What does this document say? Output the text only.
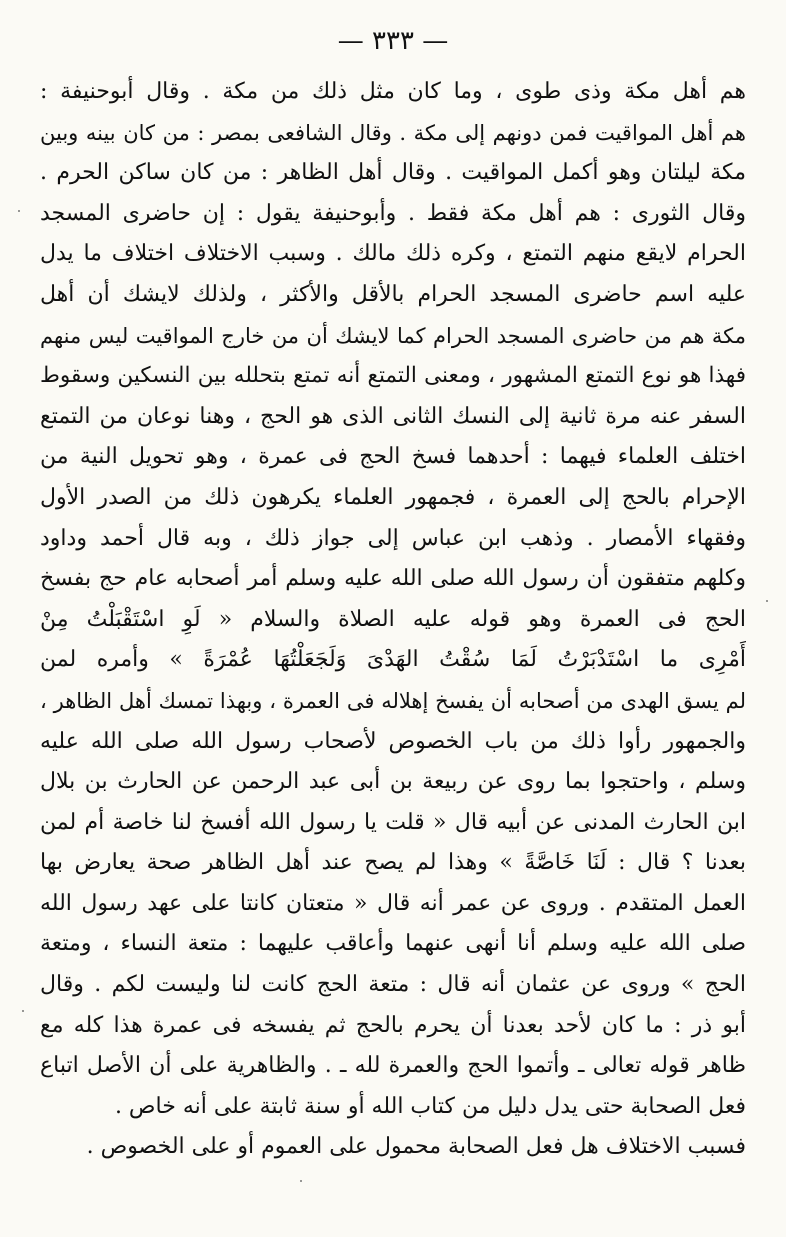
— ٣٣٣ —
هم أهل مكة وذى طوى ، وما كان مثل ذلك من مكة . وقال أبوحنيفة :
هم أهل المواقيت فمن دونهم إلى مكة . وقال الشافعى بمصر : من كان بينه وبين
مكة ليلتان وهو أكمل المواقيت . وقال أهل الظاهر : من كان ساكن الحرم .
وقال الثورى : هم أهل مكة فقط . وأبوحنيفة يقول : إن حاضرى المسجد
الحرام لايقع منهم التمتع ، وكره ذلك مالك . وسبب الاختلاف اختلاف ما يدل
عليه اسم حاضرى المسجد الحرام بالأقل والأكثر ، ولذلك لايشك أن أهل
مكة هم من حاضرى المسجد الحرام كما لايشك أن من خارج المواقيت ليس منهم
فهذا هو نوع التمتع المشهور ، ومعنى التمتع أنه تمتع بتحلله بين النسكين وسقوط
السفر عنه مرة ثانية إلى النسك الثانى الذى هو الحج ، وهنا نوعان من التمتع
اختلف العلماء فيهما : أحدهما فسخ الحج فى عمرة ، وهو تحويل النية من
الإحرام بالحج إلى العمرة ، فجمهور العلماء يكرهون ذلك من الصدر الأول
وفقهاء الأمصار . وذهب ابن عباس إلى جواز ذلك ، وبه قال أحمد وداود
وكلهم متفقون أن رسول الله صلى الله عليه وسلم أمر أصحابه عام حج بفسخ
الحج فى العمرة وهو قوله عليه الصلاة والسلام « لَوِ اسْتَقْبَلْتُ مِنْ
أَمْرِى ما اسْتَدْبَرْتُ لَمَا سُقْتُ الهَدْىَ وَلَجَعَلْتُهَا عُمْرَةً » وأمره لمن
لم يسق الهدى من أصحابه أن يفسخ إهلاله فى العمرة ، وبهذا تمسك أهل الظاهر ،
والجمهور رأوا ذلك من باب الخصوص لأصحاب رسول الله صلى الله عليه
وسلم ، واحتجوا بما روى عن ربيعة بن أبى عبد الرحمن عن الحارث بن بلال
ابن الحارث المدنى عن أبيه قال « قلت يا رسول الله أفسخ لنا خاصة أم لمن
بعدنا ؟ قال : لَنَا خَاصَّةً » وهذا لم يصح عند أهل الظاهر صحة يعارض بها
العمل المتقدم . وروى عن عمر أنه قال « متعتان كانتا على عهد رسول الله
صلى الله عليه وسلم أنا أنهى عنهما وأعاقب عليهما : متعة النساء ، ومتعة
الحج » وروى عن عثمان أنه قال : متعة الحج كانت لنا وليست لكم . وقال
أبو ذر : ما كان لأحد بعدنا أن يحرم بالحج ثم يفسخه فى عمرة هذا كله مع
ظاهر قوله تعالى ـ وأتموا الحج والعمرة لله ـ . والظاهرية على أن الأصل اتباع
فعل الصحابة حتى يدل دليل من كتاب الله أو سنة ثابتة على أنه خاص .
فسبب الاختلاف هل فعل الصحابة محمول على العموم أو على الخصوص .
